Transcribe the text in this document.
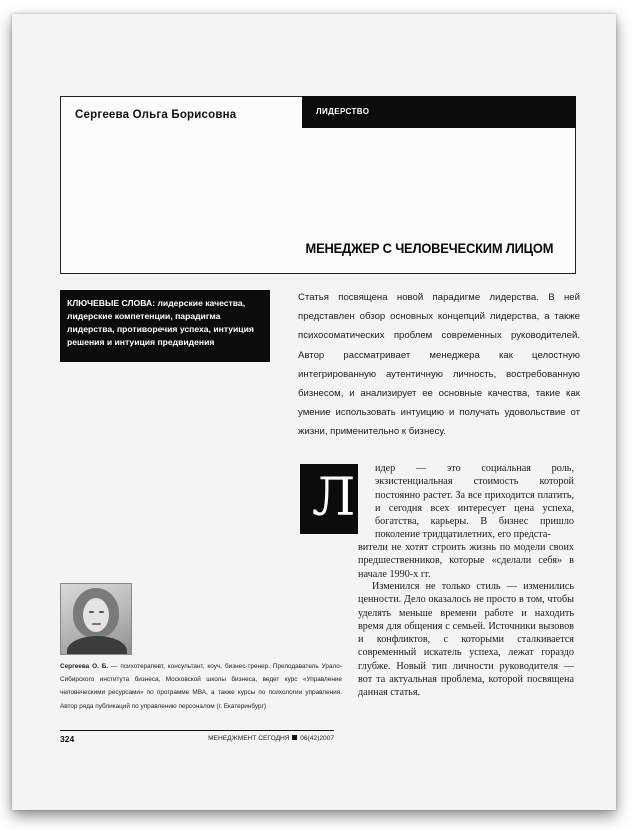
Сергеева Ольга Борисовна	ЛИДЕРСТВО
МЕНЕДЖЕР С ЧЕЛОВЕЧЕСКИМ ЛИЦОМ
КЛЮЧЕВЫЕ СЛОВА: лидерские качества, лидерские компетенции, парадигма лидерства, противоречия успеха, интуиция решения и интуиция предвидения
Статья посвящена новой парадигме лидерства. В ней представлен обзор основных концепций лидерства, а также психосоматических проблем современных руководителей. Автор рассматривает менеджера как целостную интегрированную аутентичную личность, востребованную бизнесом, и анализирует ее основные качества, такие как умение использовать интуицию и получать удовольствие от жизни, применительно к бизнесу.
Л идер — это социальная роль, экзистенциальная стоимость которой постоянно растет. За все приходится платить, и сегодня всех интересует цена успеха, богатства, карьеры. В бизнес пришло поколение тридцатилетних, его предста-

вители не хотят строить жизнь по модели своих предшественников, которые «сделали себя» в начале 1990-х гг.

Изменился не только стиль — изменились ценности. Дело оказалось не просто в том, чтобы уделять меньше времени работе и находить время для общения с семьей. Источники вызовов и конфликтов, с которыми сталкивается современный искатель успеха, лежат гораздо глубже. Новый тип личности руководителя — вот та актуальная проблема, которой посвящена данная статья.

Сергеева О. Б. — психотерапевт, консультант, коуч, бизнес-тренер. Преподаватель Урало-Сибирского института бизнеса, Московской школы бизнеса, ведет курс «Управление человеческими ресурсами» по программе МВА, а также курсы по психологии управления. Автор ряда публикаций по управлению персоналом (г. Екатеринбург)
324	МЕНЕДЖМЕНТ СЕГОДНЯ 06(42)2007
